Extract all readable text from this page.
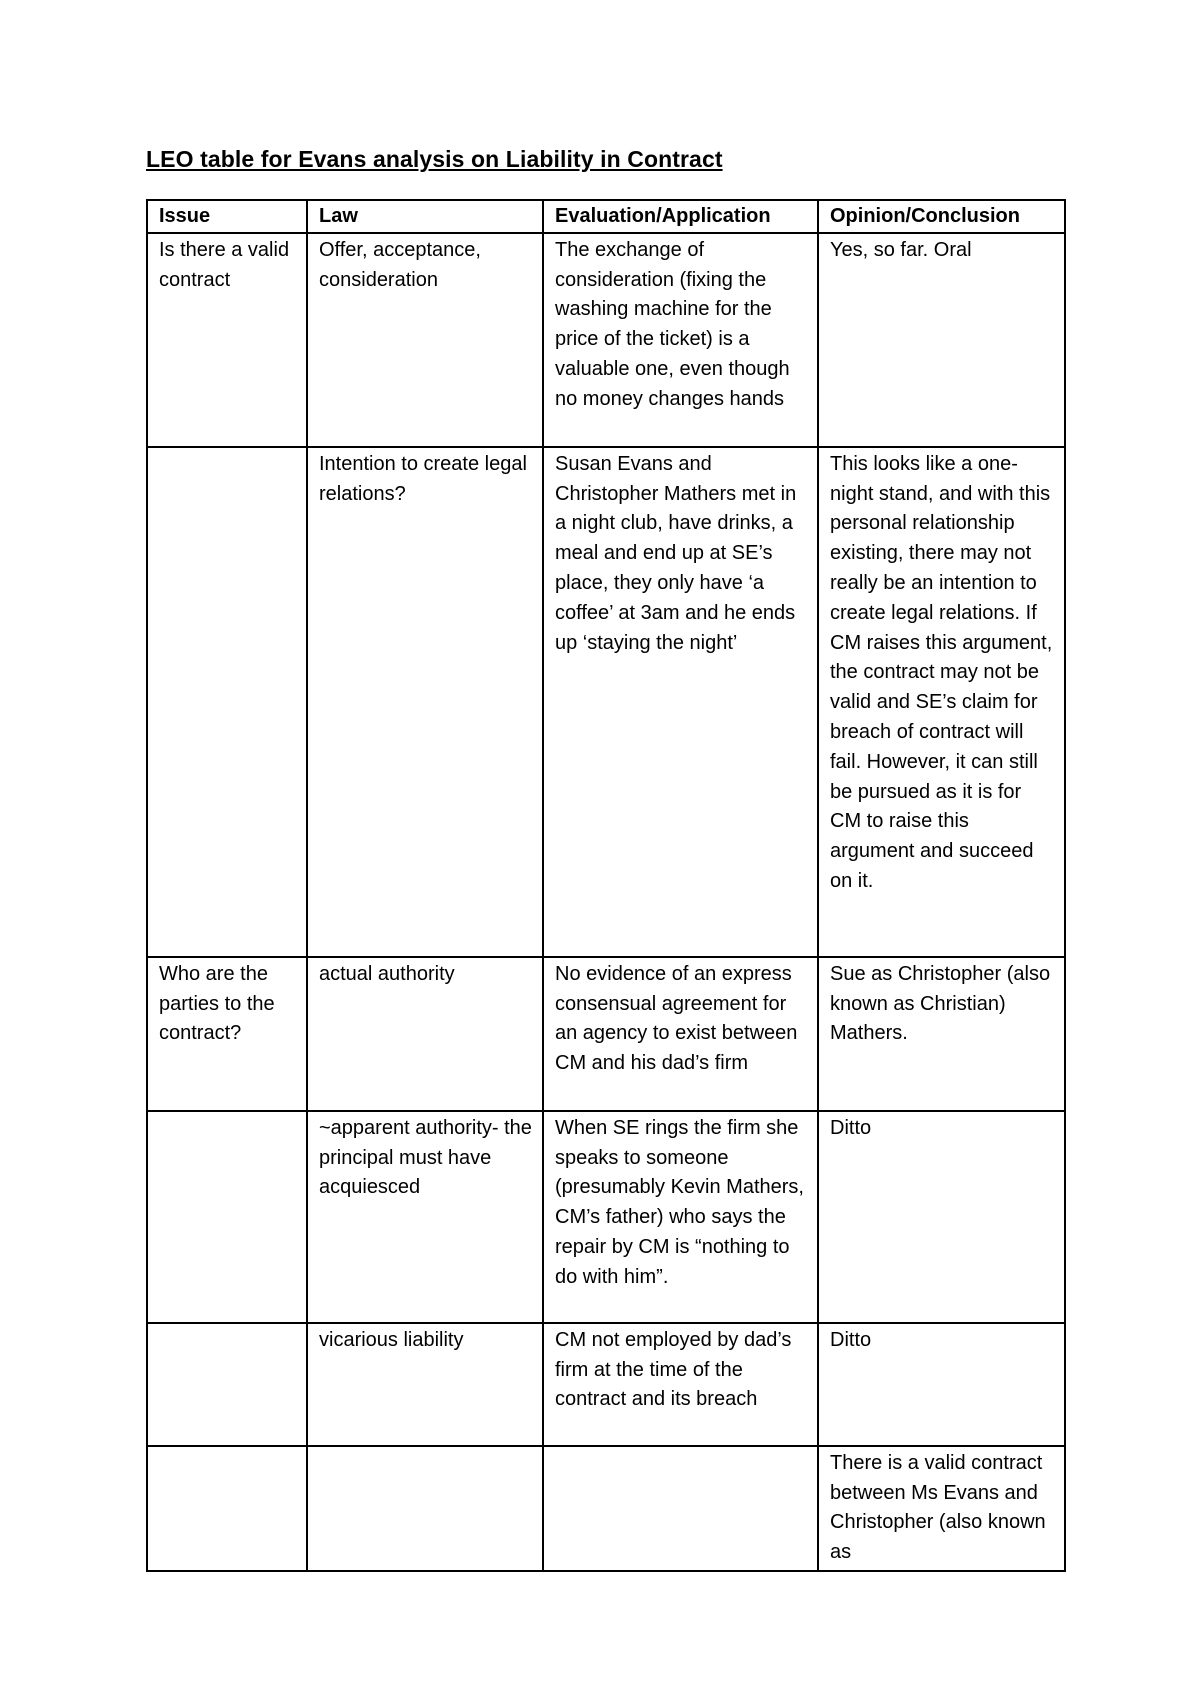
LEO table for Evans analysis on Liability in Contract
Issue	Law	Evaluation/Application	Opinion/Conclusion
Is there a valid contract	Offer, acceptance, consideration	The exchange of consideration (fixing the washing machine for the price of the ticket) is a valuable one, even though no money changes hands	Yes, so far. Oral
	Intention to create legal relations?	Susan Evans and Christopher Mathers met in a night club, have drinks, a meal and end up at SE’s place, they only have ‘a coffee’ at 3am and he ends up ‘staying the night’	This looks like a one-night stand, and with this personal relationship existing, there may not really be an intention to create legal relations. If CM raises this argument, the contract may not be valid and SE’s claim for breach of contract will fail. However, it can still be pursued as it is for CM to raise this argument and succeed on it.
Who are the parties to the contract?	actual authority	No evidence of an express consensual agreement for an agency to exist between CM and his dad’s firm	Sue as Christopher (also known as Christian) Mathers.
	~apparent authority- the principal must have acquiesced	When SE rings the firm she speaks to someone (presumably Kevin Mathers, CM’s father) who says the repair by CM is “nothing to do with him”.	Ditto
	vicarious liability	CM not employed by dad’s firm at the time of the contract and its breach	Ditto
			There is a valid contract between Ms Evans and Christopher (also known as
